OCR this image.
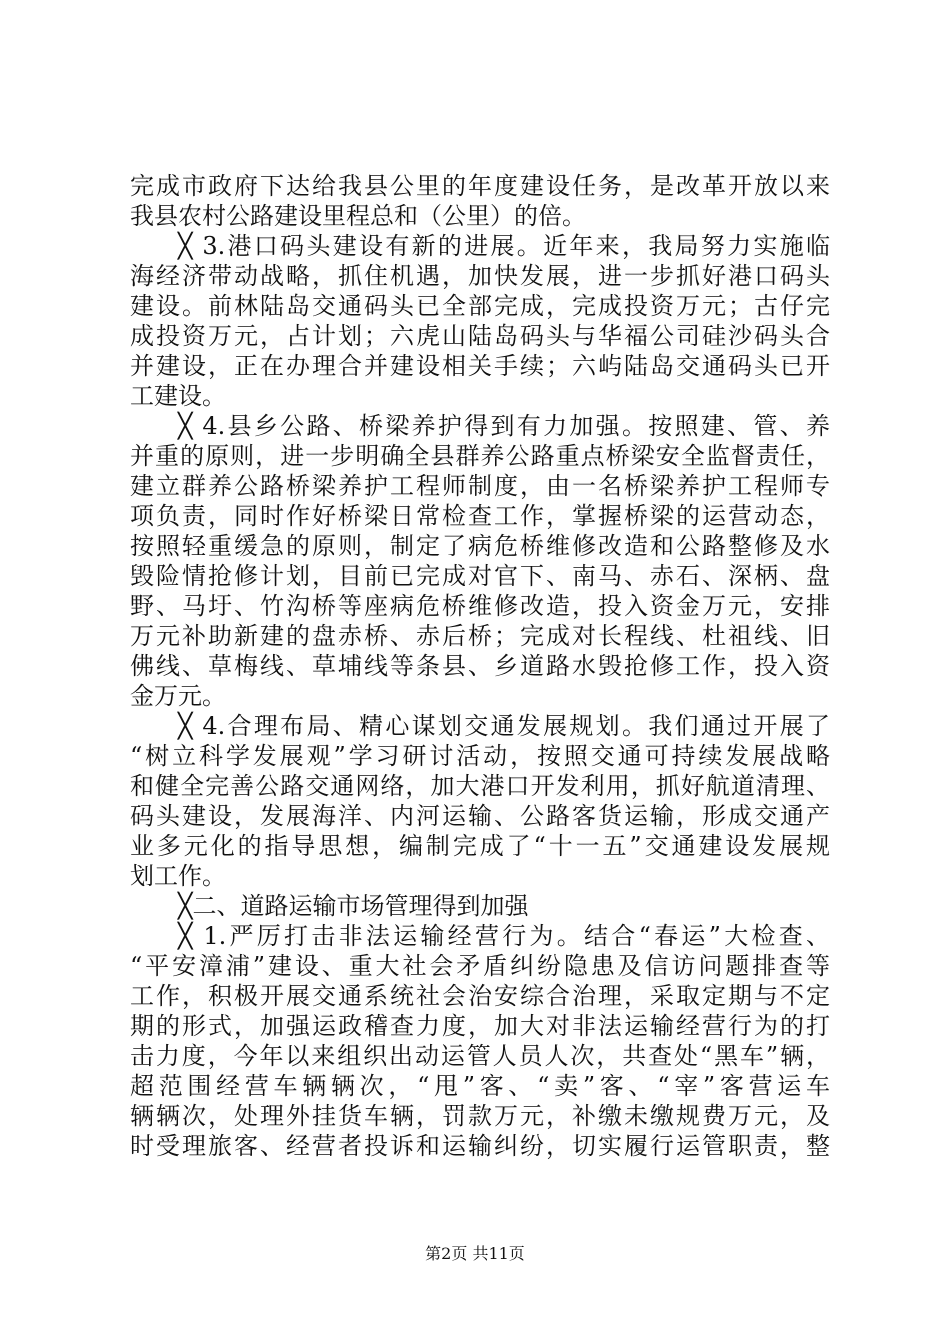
完成市政府下达给我县公里的年度建设任务，是改革开放以来
我县农村公路建设里程总和（公里）的倍。
╳ 3.港口码头建设有新的进展。近年来，我局努力实施临
海经济带动战略，抓住机遇，加快发展，进一步抓好港口码头
建设。前林陆岛交通码头已全部完成，完成投资万元；古仔完
成投资万元，占计划；六虎山陆岛码头与华福公司硅沙码头合
并建设，正在办理合并建设相关手续；六屿陆岛交通码头已开
工建设。
╳ 4.县乡公路、桥梁养护得到有力加强。按照建、管、养
并重的原则，进一步明确全县群养公路重点桥梁安全监督责任，
建立群养公路桥梁养护工程师制度，由一名桥梁养护工程师专
项负责，同时作好桥梁日常检查工作，掌握桥梁的运营动态，
按照轻重缓急的原则，制定了病危桥维修改造和公路整修及水
毁险情抢修计划，目前已完成对官下、南马、赤石、深柄、盘
野、马圩、竹沟桥等座病危桥维修改造，投入资金万元，安排
万元补助新建的盘赤桥、赤后桥；完成对长程线、杜祖线、旧
佛线、草梅线、草埔线等条县、乡道路水毁抢修工作，投入资
金万元。
╳ 4.合理布局、精心谋划交通发展规划。我们通过开展了
“树立科学发展观”学习研讨活动，按照交通可持续发展战略
和健全完善公路交通网络，加大港口开发利用，抓好航道清理、
码头建设，发展海洋、内河运输、公路客货运输，形成交通产
业多元化的指导思想，编制完成了“十一五”交通建设发展规
划工作。
╳二、道路运输市场管理得到加强
╳ 1.严厉打击非法运输经营行为。结合“春运”大检查、
“平安漳浦”建设、重大社会矛盾纠纷隐患及信访问题排查等
工作，积极开展交通系统社会治安综合治理，采取定期与不定
期的形式，加强运政稽查力度，加大对非法运输经营行为的打
击力度，今年以来组织出动运管人员人次，共查处“黑车”辆，
超范围经营车辆辆次，“甩”客、“卖”客、“宰”客营运车
辆辆次，处理外挂货车辆，罚款万元，补缴未缴规费万元，及
时受理旅客、经营者投诉和运输纠纷，切实履行运管职责，整
第2页 共11页
